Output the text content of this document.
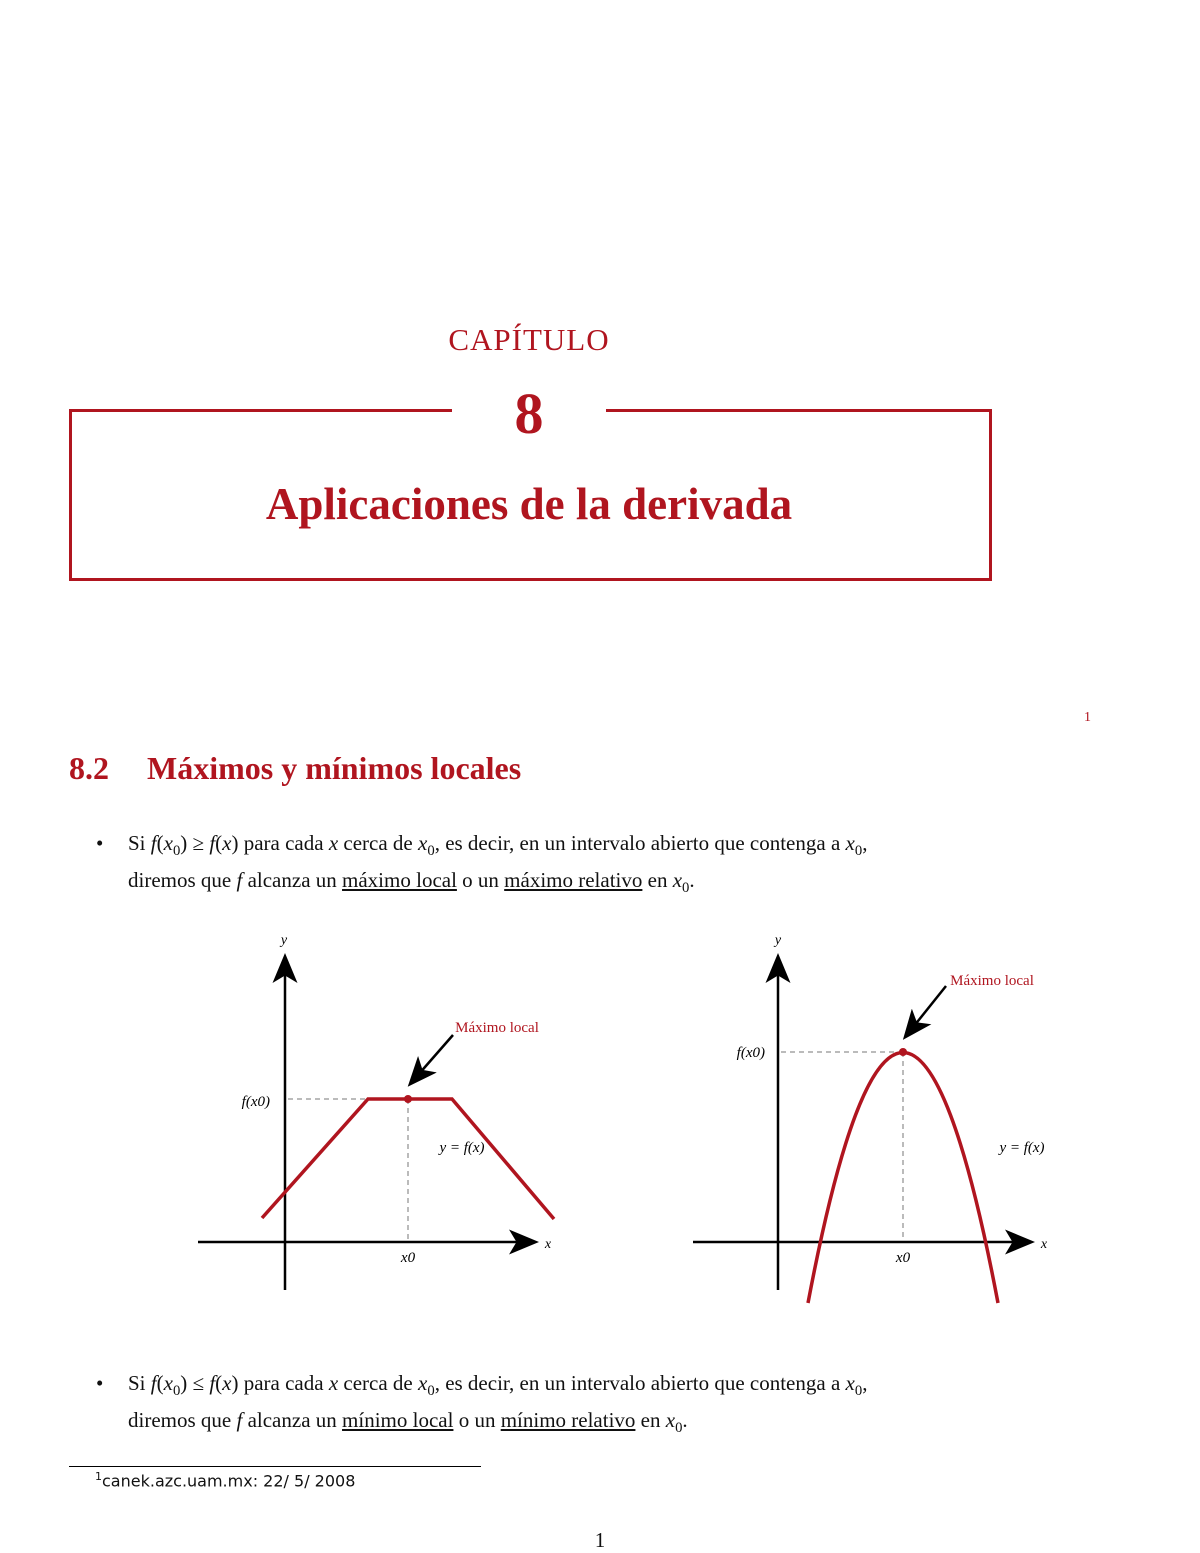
CAPÍTULO
8
Aplicaciones de la derivada
1
8.2 Máximos y mínimos locales
• Si $f(x_0) \ge f(x)$ para cada x cerca de $x_0$, es decir, en un intervalo abierto que contenga a $x_0$,
diremos que f alcanza un máximo local o un máximo relativo en $x_0$.
y
x
f(x0)
x0
y = f(x)
Máximo local
y
x
f(x0)
x0
y = f(x)
Máximo local
• Si $f(x_0) \le f(x)$ para cada x cerca de $x_0$, es decir, en un intervalo abierto que contenga a $x_0$,
diremos que f alcanza un mínimo local o un mínimo relativo en $x_0$.
$^1$canek.azc.uam.mx: 22/ 5/ 2008
1
